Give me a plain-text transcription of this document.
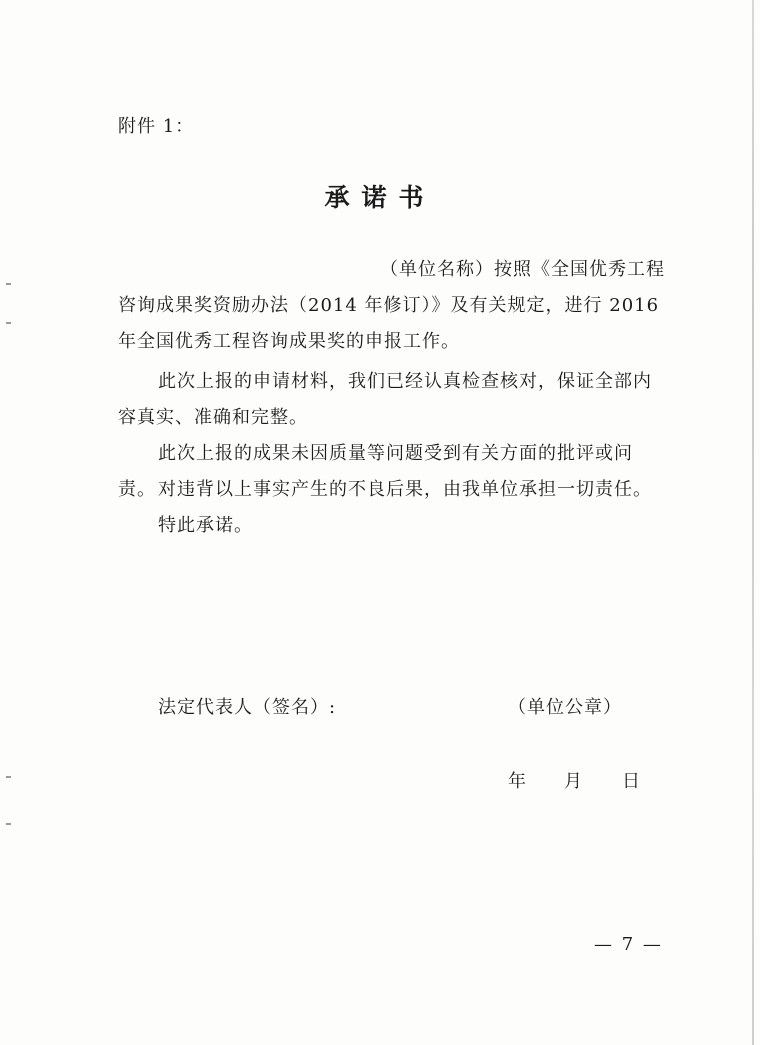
附件 1：
承诺书
（单位名称）按照《全国优秀工程咨询成果奖资励办法（2014 年修订）》及有关规定，进行 2016 年全国优秀工程咨询成果奖的申报工作。
此次上报的申请材料，我们已经认真检查核对，保证全部内容真实、准确和完整。
此次上报的成果未因质量等问题受到有关方面的批评或问责。 对违背以上事实产生的不良后果，由我单位承担一切责任。
特此承诺。
法定代表人（签名）:	（单位公章）
年 月 日
— 7 —
